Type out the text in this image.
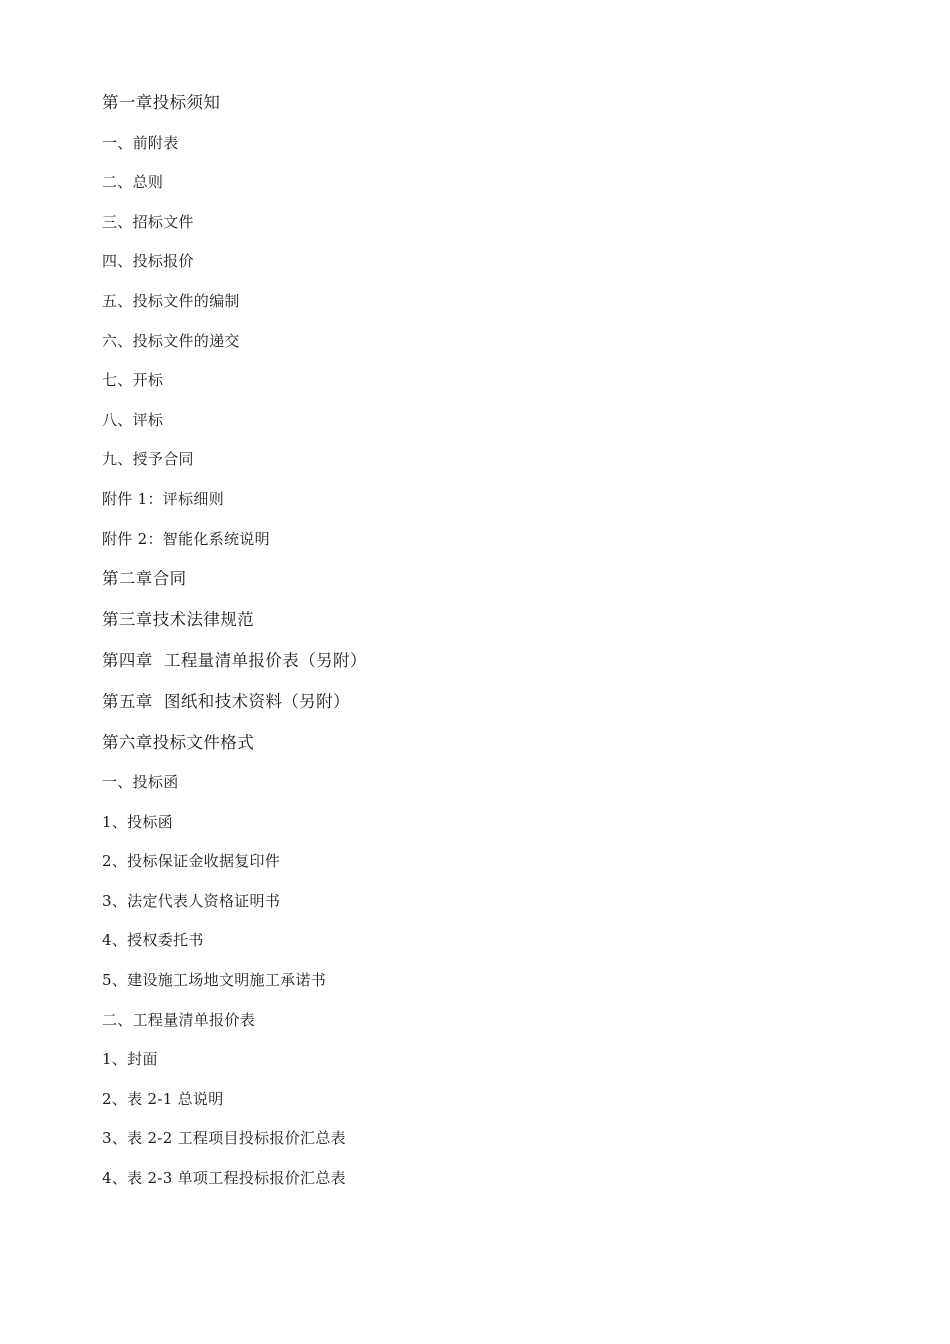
第一章投标须知
一、前附表
二、总则
三、招标文件
四、投标报价
五、投标文件的编制
六、投标文件的递交
七、开标
八、评标
九、授予合同
附件 1：评标细则
附件 2：智能化系统说明
第二章合同
第三章技术法律规范
第四章  工程量清单报价表（另附）
第五章  图纸和技术资料（另附）
第六章投标文件格式
一、投标函
1、投标函
2、投标保证金收据复印件
3、法定代表人资格证明书
4、授权委托书
5、建设施工场地文明施工承诺书
二、工程量清单报价表
1、封面
2、表 2-1 总说明
3、表 2-2 工程项目投标报价汇总表
4、表 2-3 单项工程投标报价汇总表
